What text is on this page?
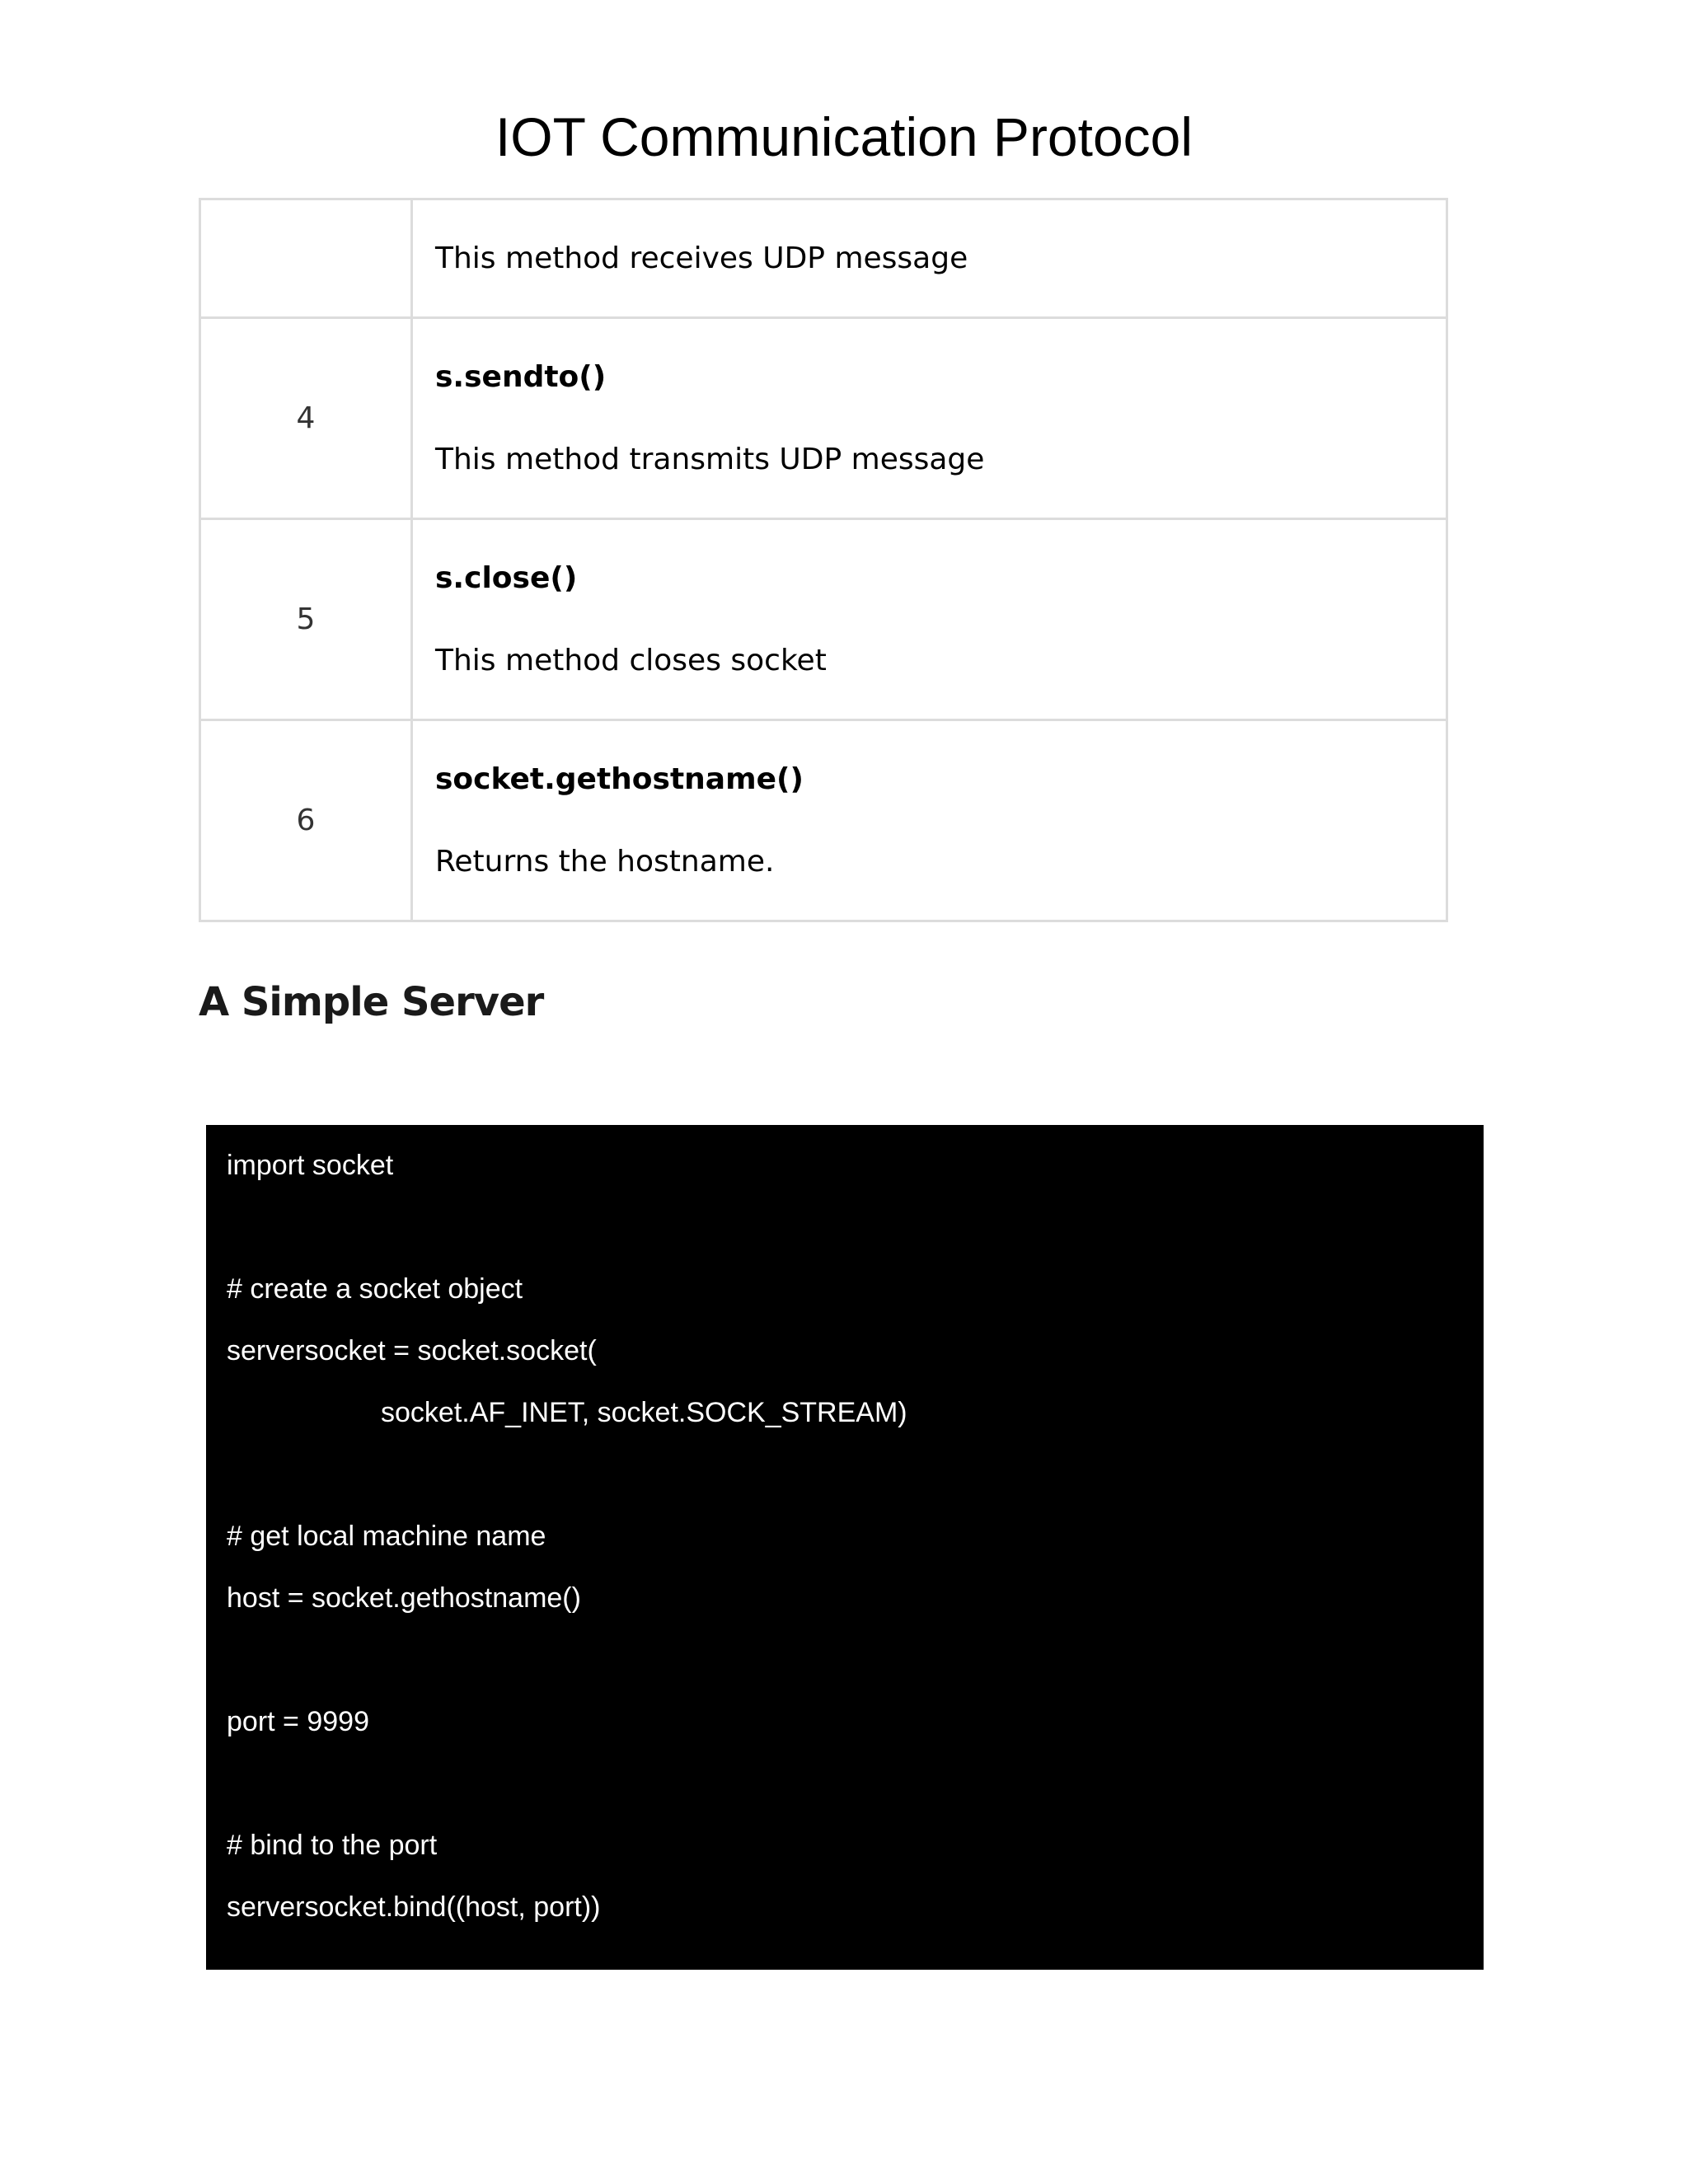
IOT Communication Protocol

	This method receives UDP message

4	s.sendto()

This method transmits UDP message

5	s.close()

This method closes socket

6	socket.gethostname()

Returns the hostname.

A Simple Server
import socket
# create a socket object
serversocket = socket.socket(
socket.AF_INET, socket.SOCK_STREAM)
# get local machine name
host = socket.gethostname()
port = 9999
# bind to the port
serversocket.bind((host, port))
